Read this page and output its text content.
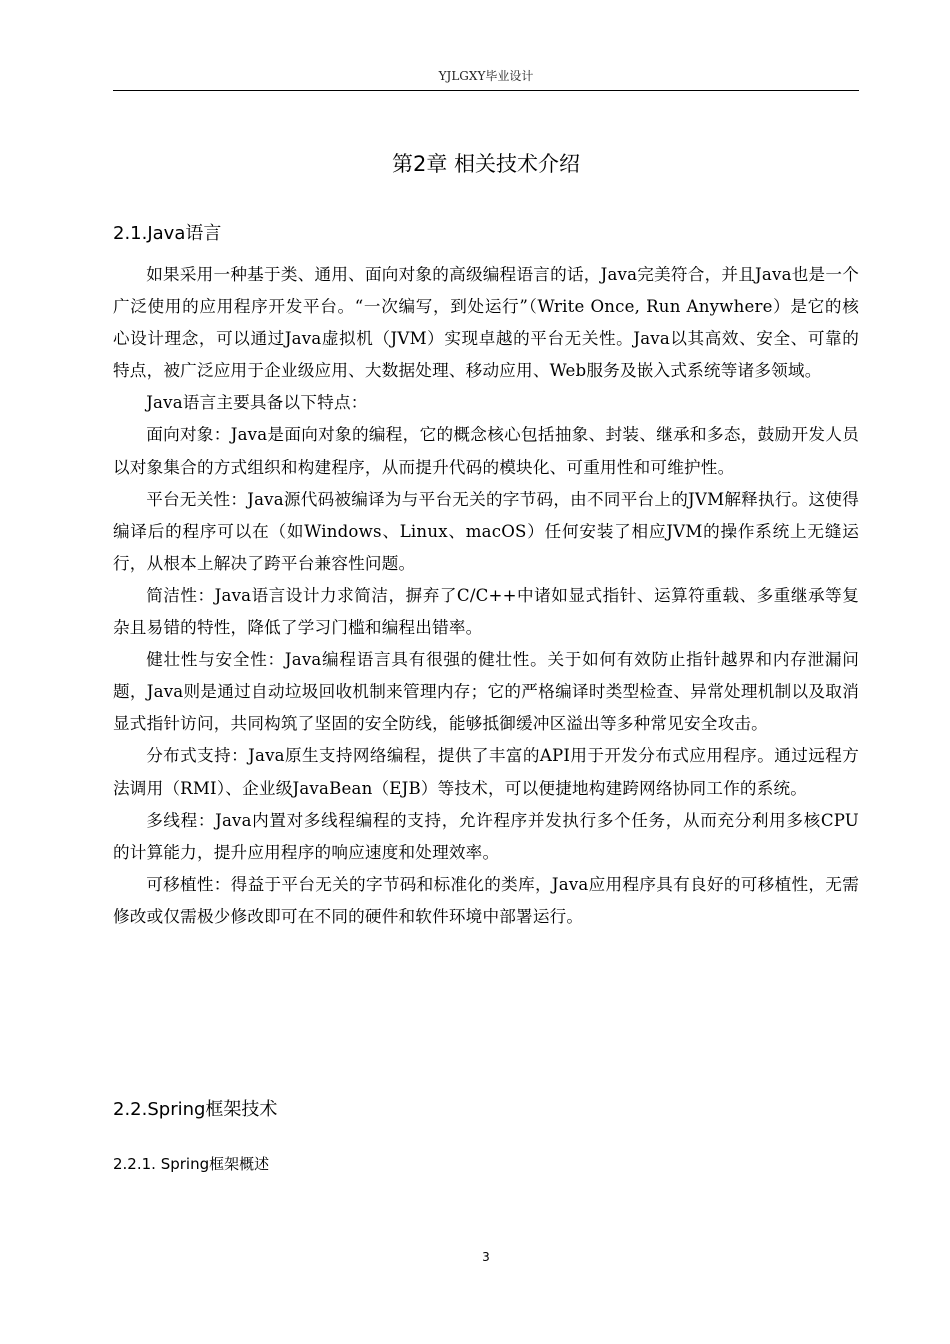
YJLGXY毕业设计
第2章 相关技术介绍
2.1.Java语言

如果采用一种基于类、通用、面向对象的高级编程语言的话，Java完美符合，并且Java也是一个广泛使用的应用程序开发平台。“一次编写，到处运行”（Write Once, Run Anywhere）是它的核心设计理念，可以通过Java虚拟机（JVM）实现卓越的平台无关性。Java以其高效、安全、可靠的特点，被广泛应用于企业级应用、大数据处理、移动应用、Web服务及嵌入式系统等诸多领域。

Java语言主要具备以下特点：

面向对象：Java是面向对象的编程，它的概念核心包括抽象、封装、继承和多态，鼓励开发人员以对象集合的方式组织和构建程序，从而提升代码的模块化、可重用性和可维护性。

平台无关性：Java源代码被编译为与平台无关的字节码，由不同平台上的JVM解释执行。这使得编译后的程序可以在（如Windows、Linux、macOS）任何安装了相应JVM的操作系统上无缝运行，从根本上解决了跨平台兼容性问题。

简洁性：Java语言设计力求简洁，摒弃了C/C++中诸如显式指针、运算符重载、多重继承等复杂且易错的特性，降低了学习门槛和编程出错率。

健壮性与安全性：Java编程语言具有很强的健壮性。关于如何有效防止指针越界和内存泄漏问题，Java则是通过自动垃圾回收机制来管理内存；它的严格编译时类型检查、异常处理机制以及取消显式指针访问，共同构筑了坚固的安全防线，能够抵御缓冲区溢出等多种常见安全攻击。

分布式支持：Java原生支持网络编程，提供了丰富的API用于开发分布式应用程序。通过远程方法调用（RMI）、企业级JavaBean（EJB）等技术，可以便捷地构建跨网络协同工作的系统。

多线程：Java内置对多线程编程的支持，允许程序并发执行多个任务，从而充分利用多核CPU的计算能力，提升应用程序的响应速度和处理效率。

可移植性：得益于平台无关的字节码和标准化的类库，Java应用程序具有良好的可移植性，无需修改或仅需极少修改即可在不同的硬件和软件环境中部署运行。

2.2.Spring框架技术
2.2.1. Spring框架概述
3
